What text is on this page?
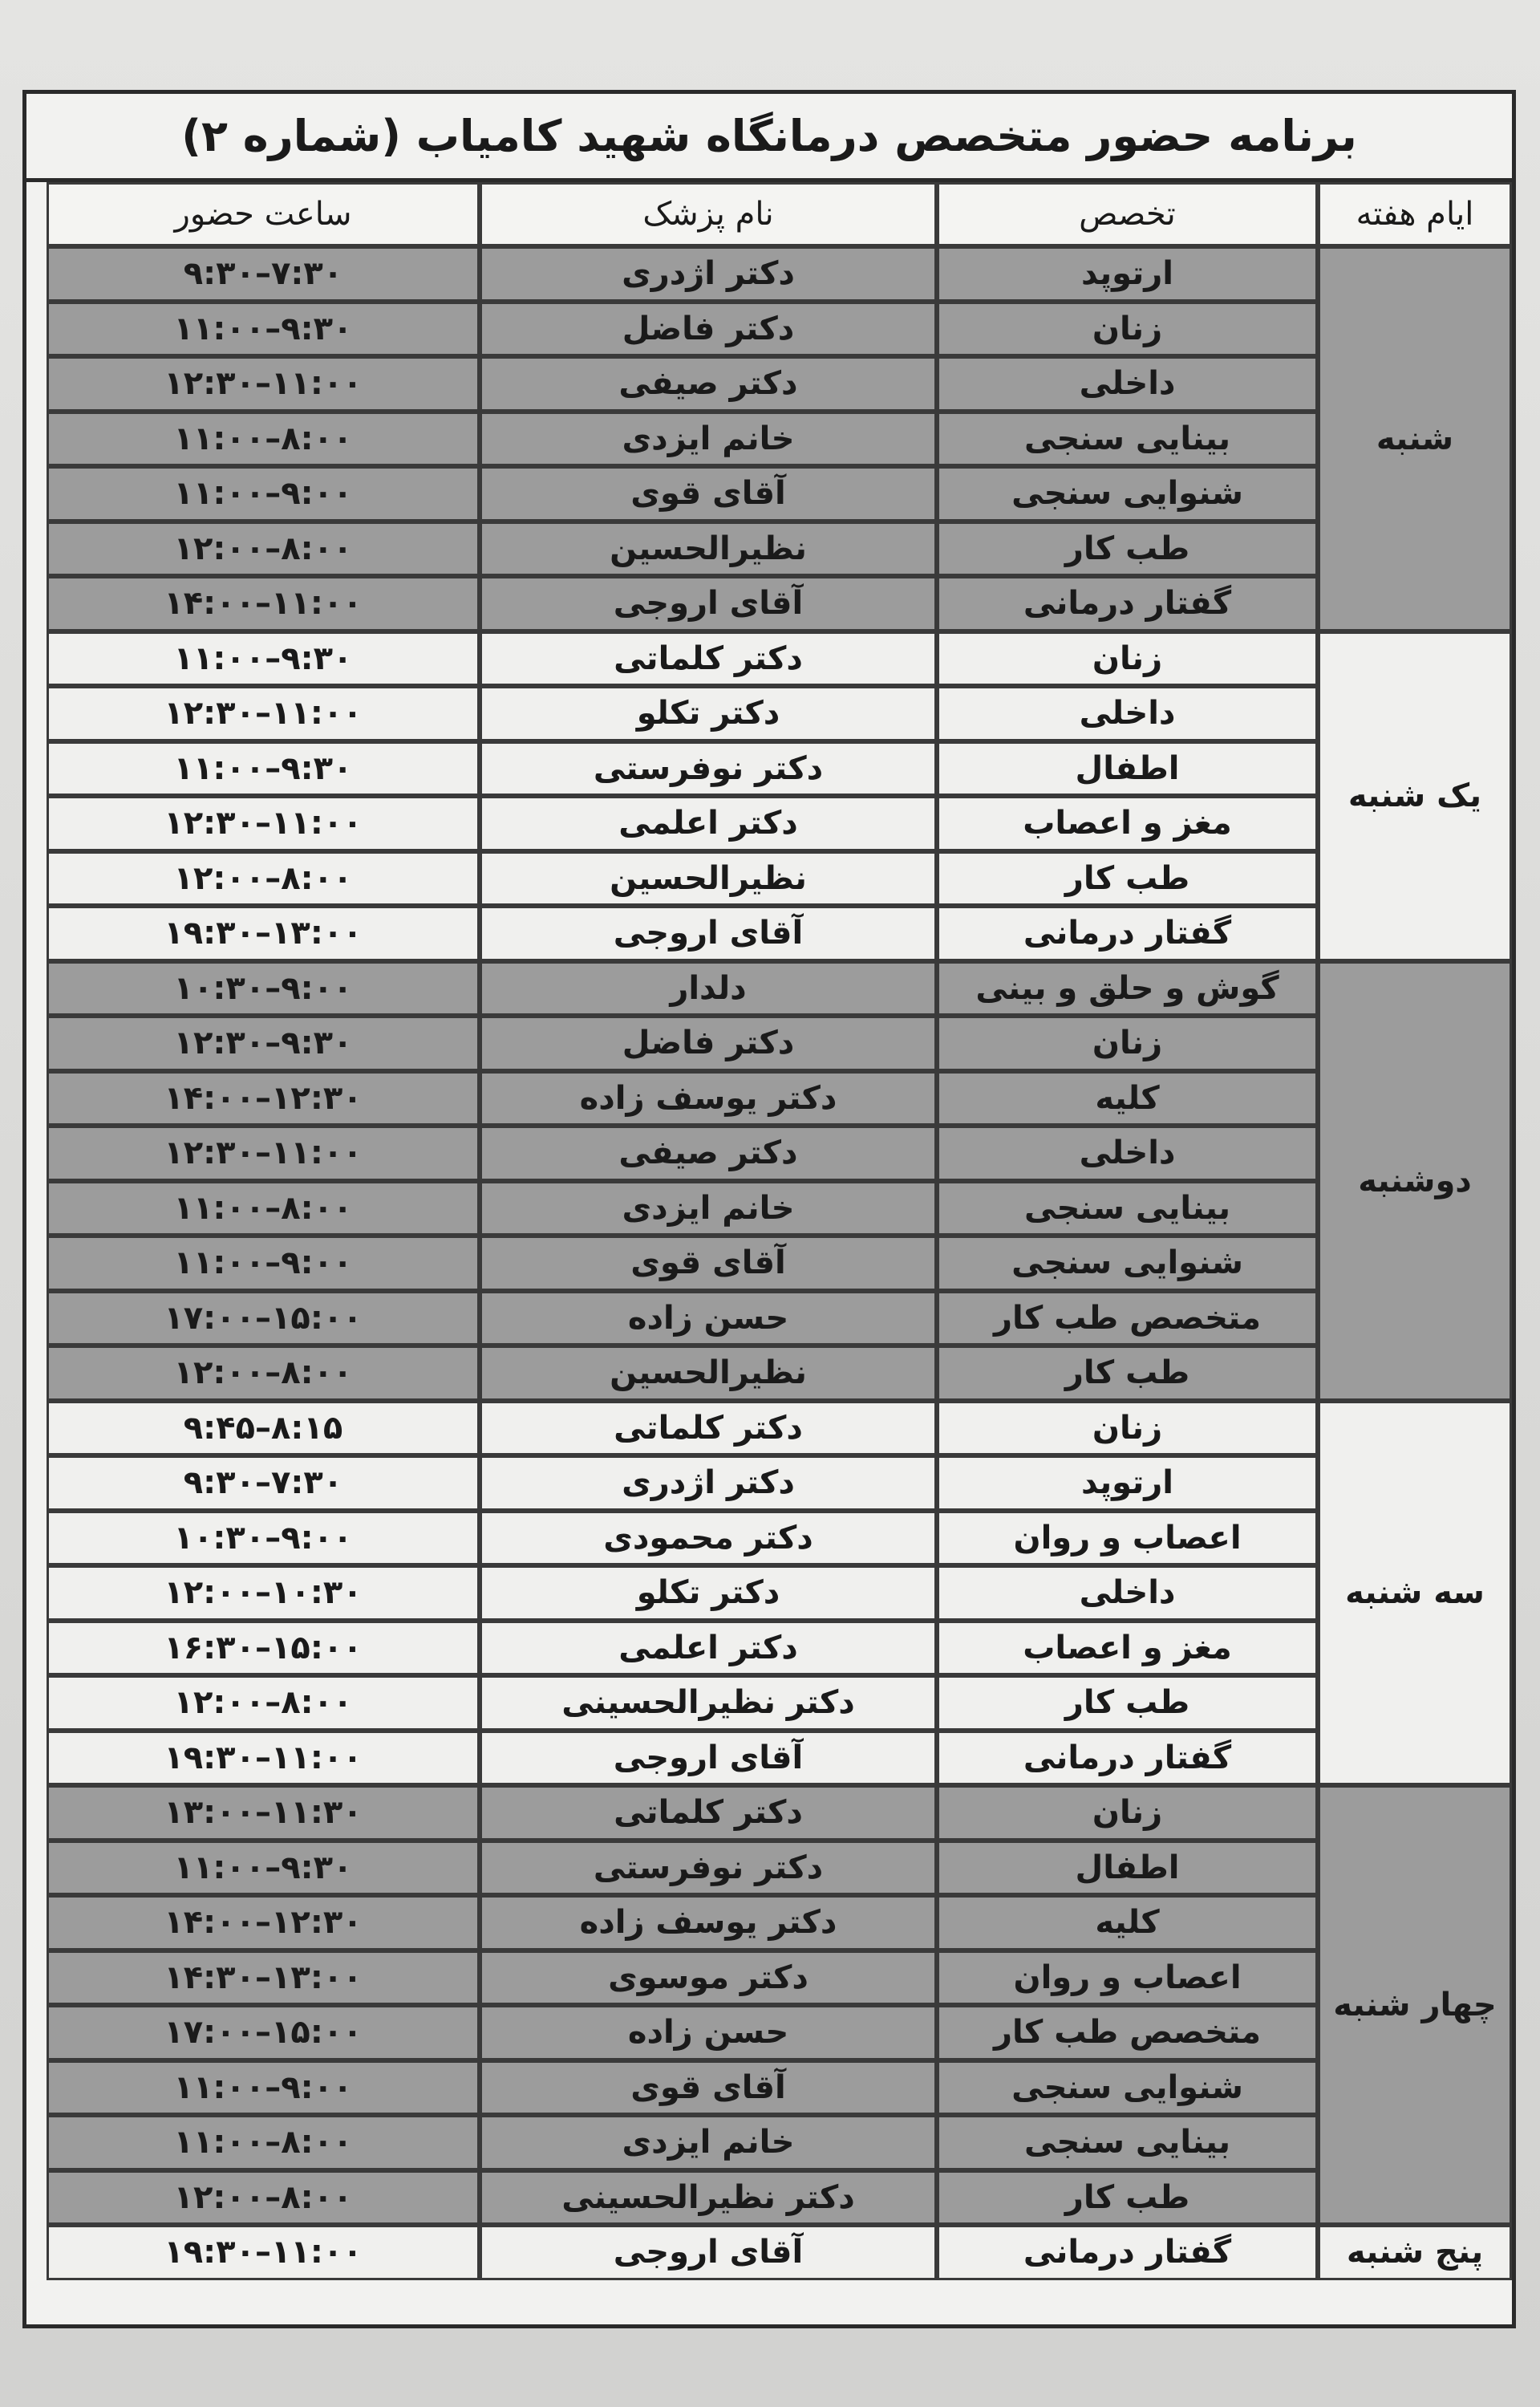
برنامه حضور متخصص درمانگاه شهید کامیاب (شماره ۲)
ایام هفته
تخصص
نام پزشک
ساعت حضور
شنبه
ارتوپد
دکتر اژدری
۹:۳۰–۷:۳۰
زنان
دکتر فاضل
۱۱:۰۰–۹:۳۰
داخلی
دکتر صیفی
۱۲:۳۰–۱۱:۰۰
بینایی سنجی
خانم ایزدی
۱۱:۰۰–۸:۰۰
شنوایی سنجی
آقای قوی
۱۱:۰۰–۹:۰۰
طب کار
نظیرالحسین
۱۲:۰۰–۸:۰۰
گفتار درمانی
آقای اروجی
۱۴:۰۰–۱۱:۰۰
یک شنبه
زنان
دکتر کلماتی
۱۱:۰۰–۹:۳۰
داخلی
دکتر تکلو
۱۲:۳۰–۱۱:۰۰
اطفال
دکتر نوفرستی
۱۱:۰۰–۹:۳۰
مغز و اعصاب
دکتر اعلمی
۱۲:۳۰–۱۱:۰۰
طب کار
نظیرالحسین
۱۲:۰۰–۸:۰۰
گفتار درمانی
آقای اروجی
۱۹:۳۰–۱۳:۰۰
دوشنبه
گوش و حلق و بینی
دلدار
۱۰:۳۰–۹:۰۰
زنان
دکتر فاضل
۱۲:۳۰–۹:۳۰
کلیه
دکتر یوسف زاده
۱۴:۰۰–۱۲:۳۰
داخلی
دکتر صیفی
۱۲:۳۰–۱۱:۰۰
بینایی سنجی
خانم ایزدی
۱۱:۰۰–۸:۰۰
شنوایی سنجی
آقای قوی
۱۱:۰۰–۹:۰۰
متخصص طب کار
حسن زاده
۱۷:۰۰–۱۵:۰۰
طب کار
نظیرالحسین
۱۲:۰۰–۸:۰۰
سه شنبه
زنان
دکتر کلماتی
۹:۴۵–۸:۱۵
ارتوپد
دکتر اژدری
۹:۳۰–۷:۳۰
اعصاب و روان
دکتر محمودی
۱۰:۳۰–۹:۰۰
داخلی
دکتر تکلو
۱۲:۰۰–۱۰:۳۰
مغز و اعصاب
دکتر اعلمی
۱۶:۳۰–۱۵:۰۰
طب کار
دکتر نظیرالحسینی
۱۲:۰۰–۸:۰۰
گفتار درمانی
آقای اروجی
۱۹:۳۰–۱۱:۰۰
چهار شنبه
زنان
دکتر کلماتی
۱۳:۰۰–۱۱:۳۰
اطفال
دکتر نوفرستی
۱۱:۰۰–۹:۳۰
کلیه
دکتر یوسف زاده
۱۴:۰۰–۱۲:۳۰
اعصاب و روان
دکتر موسوی
۱۴:۳۰–۱۳:۰۰
متخصص طب کار
حسن زاده
۱۷:۰۰–۱۵:۰۰
شنوایی سنجی
آقای قوی
۱۱:۰۰–۹:۰۰
بینایی سنجی
خانم ایزدی
۱۱:۰۰–۸:۰۰
طب کار
دکتر نظیرالحسینی
۱۲:۰۰–۸:۰۰
پنج شنبه
گفتار درمانی
آقای اروجی
۱۹:۳۰–۱۱:۰۰
